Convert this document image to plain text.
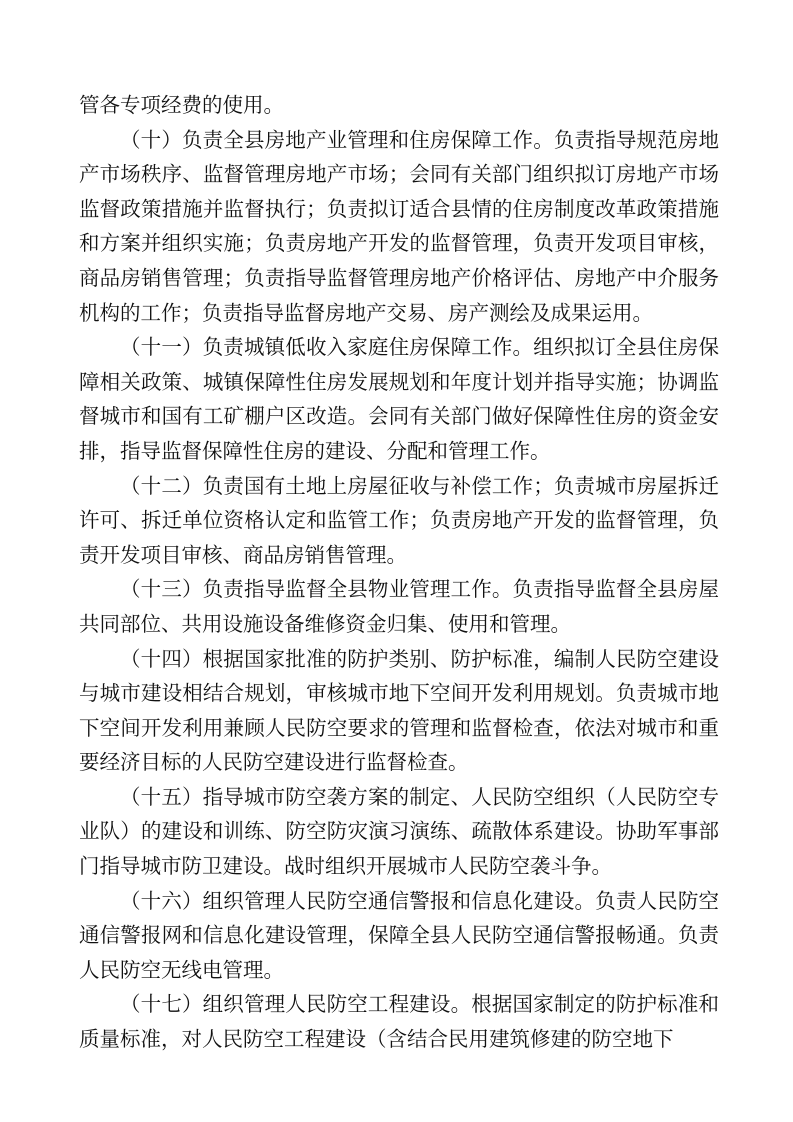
管各专项经费的使用。

（十）负责全县房地产业管理和住房保障工作。负责指导规范房地产市场秩序、监督管理房地产市场；会同有关部门组织拟订房地产市场监督政策措施并监督执行；负责拟订适合县情的住房制度改革政策措施和方案并组织实施；负责房地产开发的监督管理，负责开发项目审核，商品房销售管理；负责指导监督管理房地产价格评估、房地产中介服务机构的工作；负责指导监督房地产交易、房产测绘及成果运用。

（十一）负责城镇低收入家庭住房保障工作。组织拟订全县住房保障相关政策、城镇保障性住房发展规划和年度计划并指导实施；协调监督城市和国有工矿棚户区改造。会同有关部门做好保障性住房的资金安排，指导监督保障性住房的建设、分配和管理工作。

（十二）负责国有土地上房屋征收与补偿工作；负责城市房屋拆迁许可、拆迁单位资格认定和监管工作；负责房地产开发的监督管理，负责开发项目审核、商品房销售管理。

（十三）负责指导监督全县物业管理工作。负责指导监督全县房屋共同部位、共用设施设备维修资金归集、使用和管理。

（十四）根据国家批准的防护类别、防护标准，编制人民防空建设与城市建设相结合规划，审核城市地下空间开发利用规划。负责城市地下空间开发利用兼顾人民防空要求的管理和监督检查，依法对城市和重要经济目标的人民防空建设进行监督检查。

（十五）指导城市防空袭方案的制定、人民防空组织（人民防空专业队）的建设和训练、防空防灾演习演练、疏散体系建设。协助军事部门指导城市防卫建设。战时组织开展城市人民防空袭斗争。

（十六）组织管理人民防空通信警报和信息化建设。负责人民防空通信警报网和信息化建设管理，保障全县人民防空通信警报畅通。负责人民防空无线电管理。

（十七）组织管理人民防空工程建设。根据国家制定的防护标准和质量标准，对人民防空工程建设（含结合民用建筑修建的防空地下
